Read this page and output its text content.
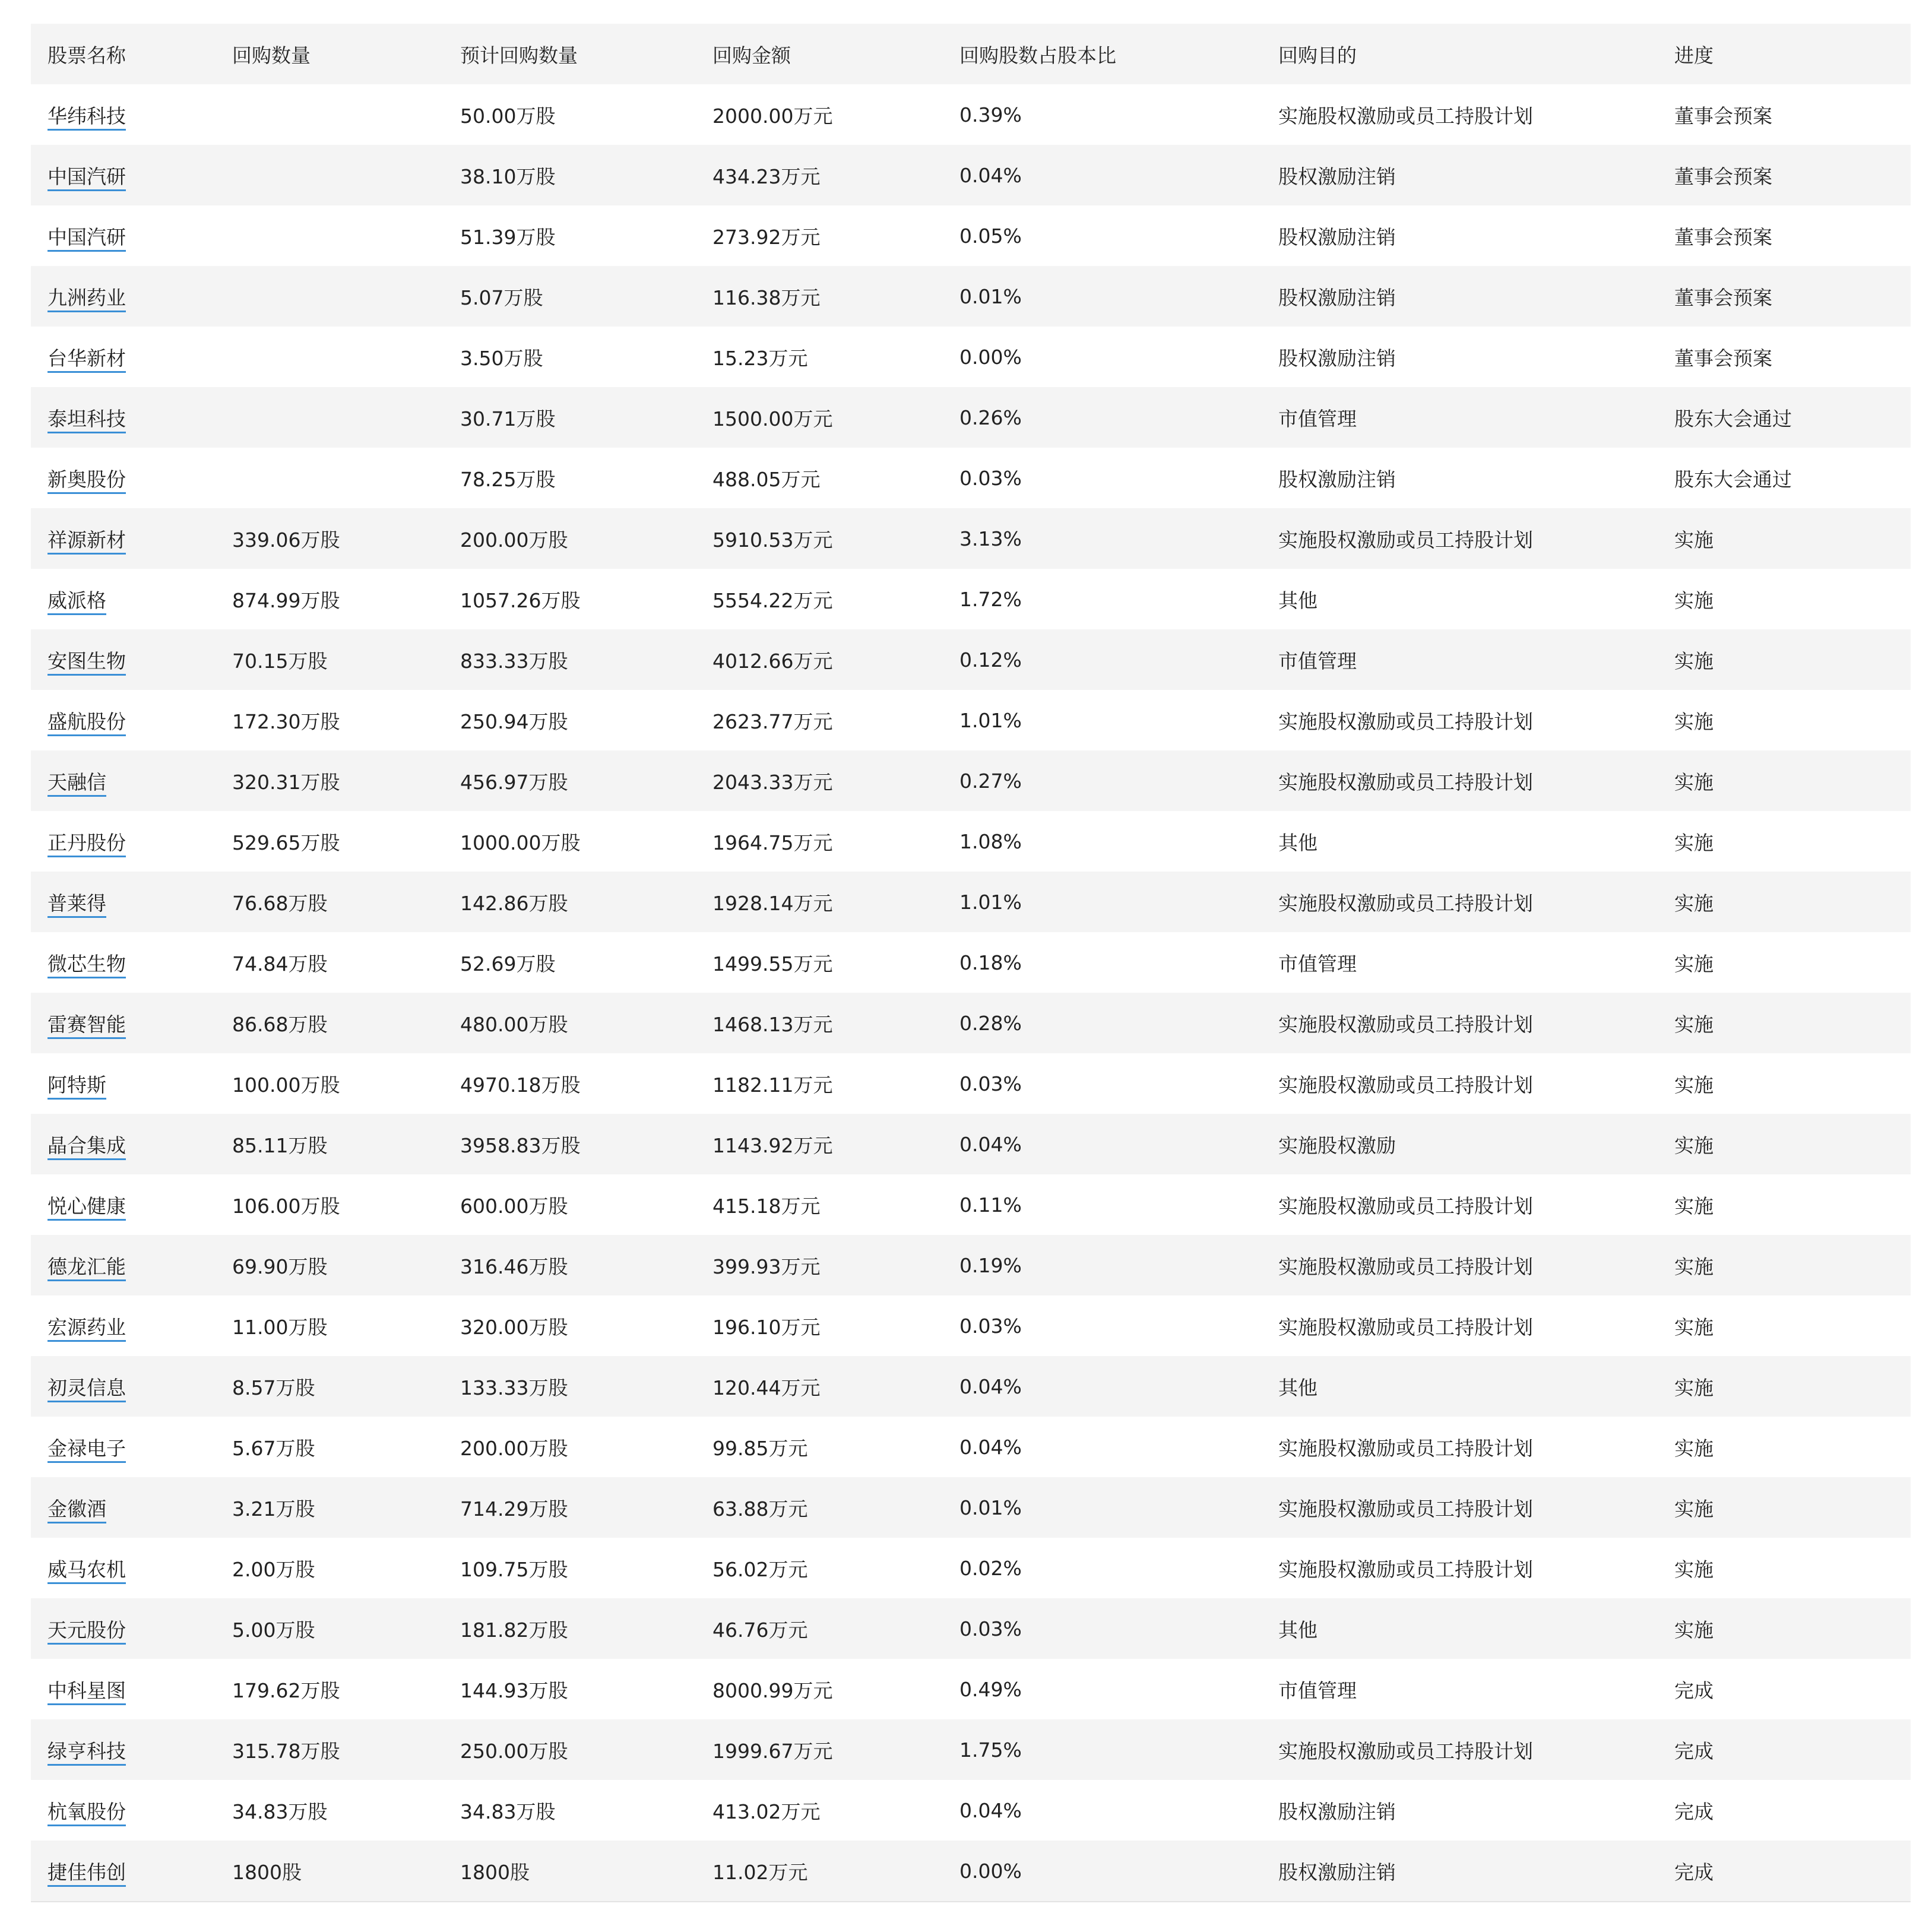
股票名称	回购数量	预计回购数量	回购金额	回购股数占股本比	回购目的	进度
华纬科技		50.00万股	2000.00万元	0.39%	实施股权激励或员工持股计划	董事会预案
中国汽研		38.10万股	434.23万元	0.04%	股权激励注销	董事会预案
中国汽研		51.39万股	273.92万元	0.05%	股权激励注销	董事会预案
九洲药业		5.07万股	116.38万元	0.01%	股权激励注销	董事会预案
台华新材		3.50万股	15.23万元	0.00%	股权激励注销	董事会预案
泰坦科技		30.71万股	1500.00万元	0.26%	市值管理	股东大会通过
新奥股份		78.25万股	488.05万元	0.03%	股权激励注销	股东大会通过
祥源新材	339.06万股	200.00万股	5910.53万元	3.13%	实施股权激励或员工持股计划	实施
威派格	874.99万股	1057.26万股	5554.22万元	1.72%	其他	实施
安图生物	70.15万股	833.33万股	4012.66万元	0.12%	市值管理	实施
盛航股份	172.30万股	250.94万股	2623.77万元	1.01%	实施股权激励或员工持股计划	实施
天融信	320.31万股	456.97万股	2043.33万元	0.27%	实施股权激励或员工持股计划	实施
正丹股份	529.65万股	1000.00万股	1964.75万元	1.08%	其他	实施
普莱得	76.68万股	142.86万股	1928.14万元	1.01%	实施股权激励或员工持股计划	实施
微芯生物	74.84万股	52.69万股	1499.55万元	0.18%	市值管理	实施
雷赛智能	86.68万股	480.00万股	1468.13万元	0.28%	实施股权激励或员工持股计划	实施
阿特斯	100.00万股	4970.18万股	1182.11万元	0.03%	实施股权激励或员工持股计划	实施
晶合集成	85.11万股	3958.83万股	1143.92万元	0.04%	实施股权激励	实施
悦心健康	106.00万股	600.00万股	415.18万元	0.11%	实施股权激励或员工持股计划	实施
德龙汇能	69.90万股	316.46万股	399.93万元	0.19%	实施股权激励或员工持股计划	实施
宏源药业	11.00万股	320.00万股	196.10万元	0.03%	实施股权激励或员工持股计划	实施
初灵信息	8.57万股	133.33万股	120.44万元	0.04%	其他	实施
金禄电子	5.67万股	200.00万股	99.85万元	0.04%	实施股权激励或员工持股计划	实施
金徽酒	3.21万股	714.29万股	63.88万元	0.01%	实施股权激励或员工持股计划	实施
威马农机	2.00万股	109.75万股	56.02万元	0.02%	实施股权激励或员工持股计划	实施
天元股份	5.00万股	181.82万股	46.76万元	0.03%	其他	实施
中科星图	179.62万股	144.93万股	8000.99万元	0.49%	市值管理	完成
绿亨科技	315.78万股	250.00万股	1999.67万元	1.75%	实施股权激励或员工持股计划	完成
杭氧股份	34.83万股	34.83万股	413.02万元	0.04%	股权激励注销	完成
捷佳伟创	1800股	1800股	11.02万元	0.00%	股权激励注销	完成
